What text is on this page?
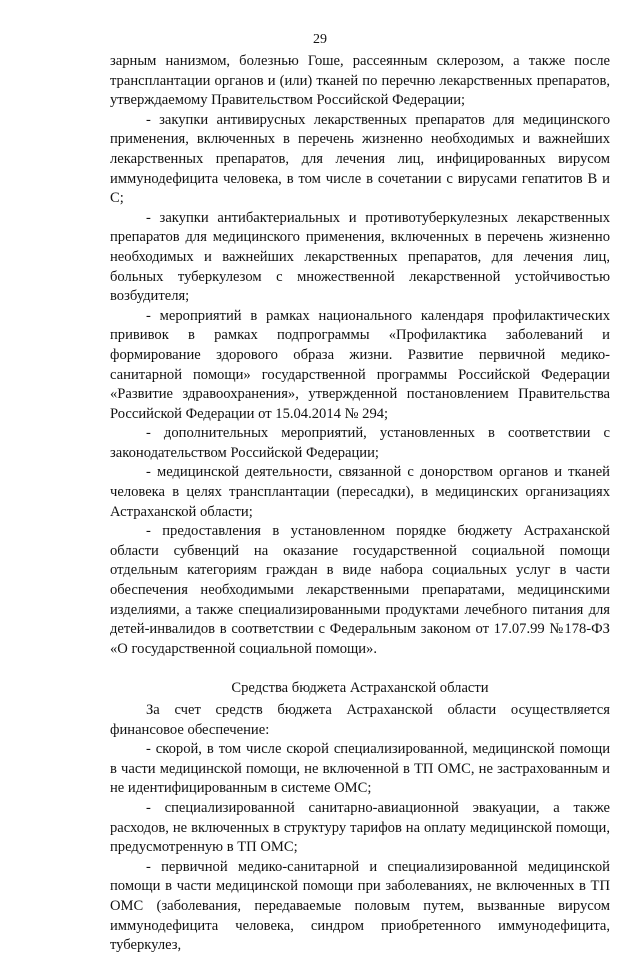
29

зарным нанизмом, болезнью Гоше, рассеянным склерозом, а также после трансплантации органов и (или) тканей по перечню лекарственных препаратов, утверждаемому Правительством Российской Федерации;

- закупки антивирусных лекарственных препаратов для медицинского применения, включенных в перечень жизненно необходимых и важнейших лекарственных препаратов, для лечения лиц, инфицированных вирусом иммунодефицита человека, в том числе в сочетании с вирусами гепатитов В и С;

- закупки антибактериальных и противотуберкулезных лекарственных препаратов для медицинского применения, включенных в перечень жизненно необходимых и важнейших лекарственных препаратов, для лечения лиц, больных туберкулезом с множественной лекарственной устойчивостью возбудителя;

- мероприятий в рамках национального календаря профилактических прививок в рамках подпрограммы «Профилактика заболеваний и формирование здорового образа жизни. Развитие первичной медико-санитарной помощи» государственной программы Российской Федерации «Развитие здравоохранения», утвержденной постановлением Правительства Российской Федерации от 15.04.2014 № 294;

- дополнительных мероприятий, установленных в соответствии с законодательством Российской Федерации;

- медицинской деятельности, связанной с донорством органов и тканей человека в целях трансплантации (пересадки), в медицинских организациях Астраханской области;

- предоставления в установленном порядке бюджету Астраханской области субвенций на оказание государственной социальной помощи отдельным категориям граждан в виде набора социальных услуг в части обеспечения необходимыми лекарственными препаратами, медицинскими изделиями, а также специализированными продуктами лечебного питания для детей-инвалидов в соответствии с Федеральным законом от 17.07.99 №178-ФЗ «О государственной социальной помощи».

Средства бюджета Астраханской области

За счет средств бюджета Астраханской области осуществляется финансовое обеспечение:

- скорой, в том числе скорой специализированной, медицинской помощи в части медицинской помощи, не включенной в ТП ОМС, не застрахованным и не идентифицированным в системе ОМС;

- специализированной санитарно-авиационной эвакуации, а также расходов, не включенных в структуру тарифов на оплату медицинской помощи, предусмотренную в ТП ОМС;

- первичной медико-санитарной и специализированной медицинской помощи в части медицинской помощи при заболеваниях, не включенных в ТП ОМС (заболевания, передаваемые половым путем, вызванные вирусом иммунодефицита человека, синдром приобретенного иммунодефицита, туберкулез,
